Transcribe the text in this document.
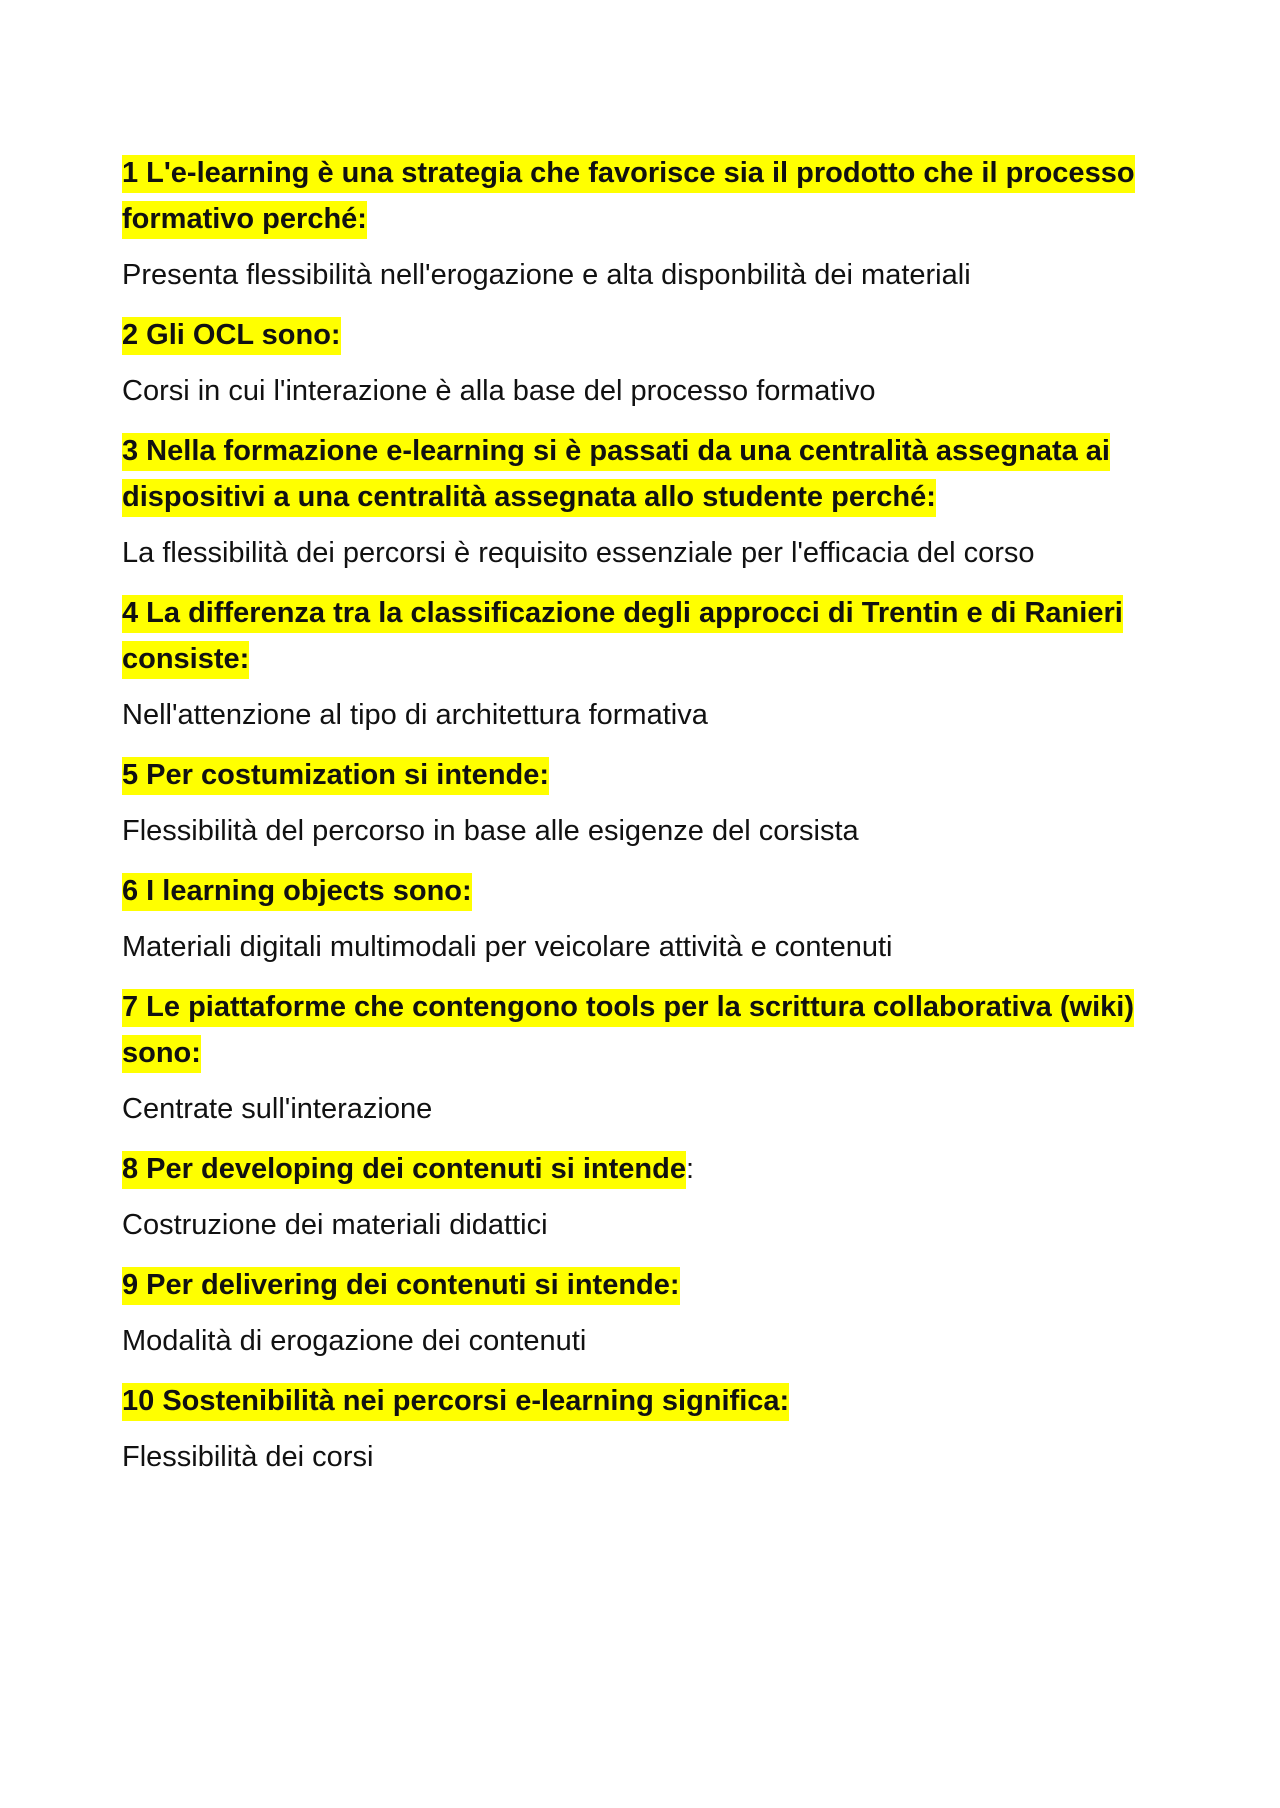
1 L'e-learning è una strategia che favorisce sia il prodotto che il processo formativo perché:

Presenta flessibilità nell'erogazione e alta disponbilità dei materiali

2 Gli OCL sono:

Corsi in cui l'interazione è alla base del processo formativo

3 Nella formazione e-learning si è passati da una centralità assegnata ai dispositivi a una centralità assegnata allo studente perché:

La flessibilità dei percorsi è requisito essenziale per l'efficacia del corso

4 La differenza tra la classificazione degli approcci di Trentin e di Ranieri consiste:

Nell'attenzione al tipo di architettura formativa

5 Per costumization si intende:

Flessibilità del percorso in base alle esigenze del corsista

6 I learning objects sono:

Materiali digitali multimodali per veicolare attività e contenuti

7 Le piattaforme che contengono tools per la scrittura collaborativa (wiki) sono:

Centrate sull'interazione

8 Per developing dei contenuti si intende:

Costruzione dei materiali didattici

9 Per delivering dei contenuti si intende:

Modalità di erogazione dei contenuti

10 Sostenibilità nei percorsi e-learning significa:

Flessibilità dei corsi
